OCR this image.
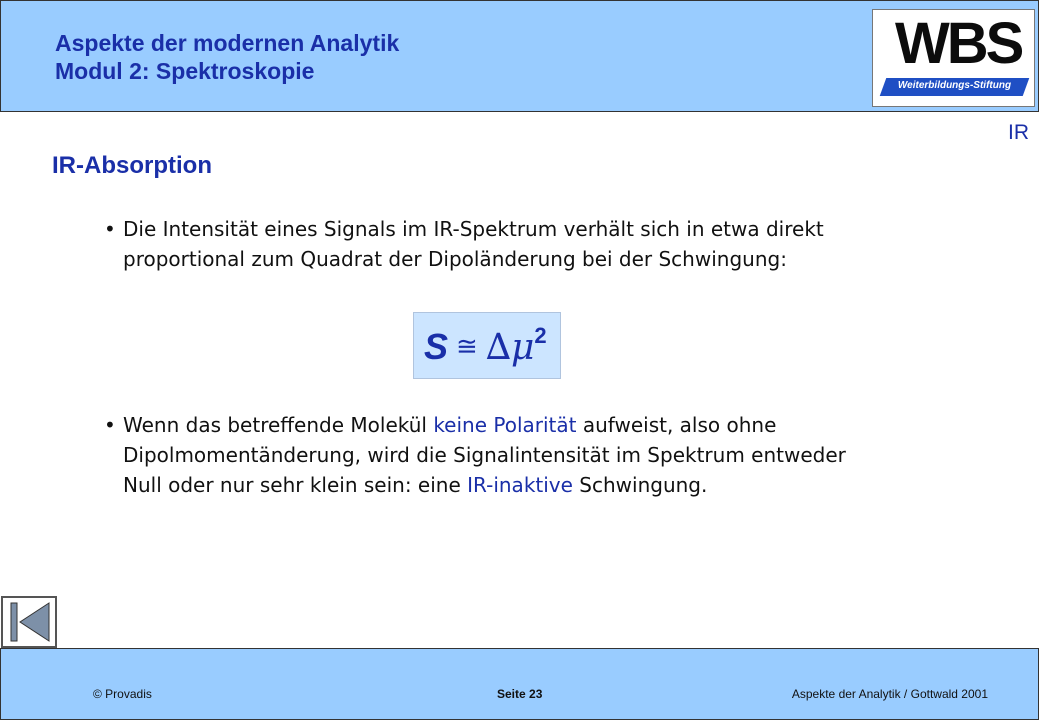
Aspekte der modernen Analytik
Modul 2: Spektroskopie	WBS
Weiterbildungs-Stiftung
IR
IR-Absorption
• Die Intensität eines Signals im IR-Spektrum verhält sich in etwa direkt proportional zum Quadrat der Dipoländerung bei der Schwingung:
S ≅ $\Delta\mu^2$
• Wenn das betreffende Molekül keine Polarität aufweist, also ohne Dipolmomentänderung, wird die Signalintensität im Spektrum entweder Null oder nur sehr klein sein: eine IR-inaktive Schwingung.
© Provadis	Seite 23	Aspekte der Analytik / Gottwald 2001
